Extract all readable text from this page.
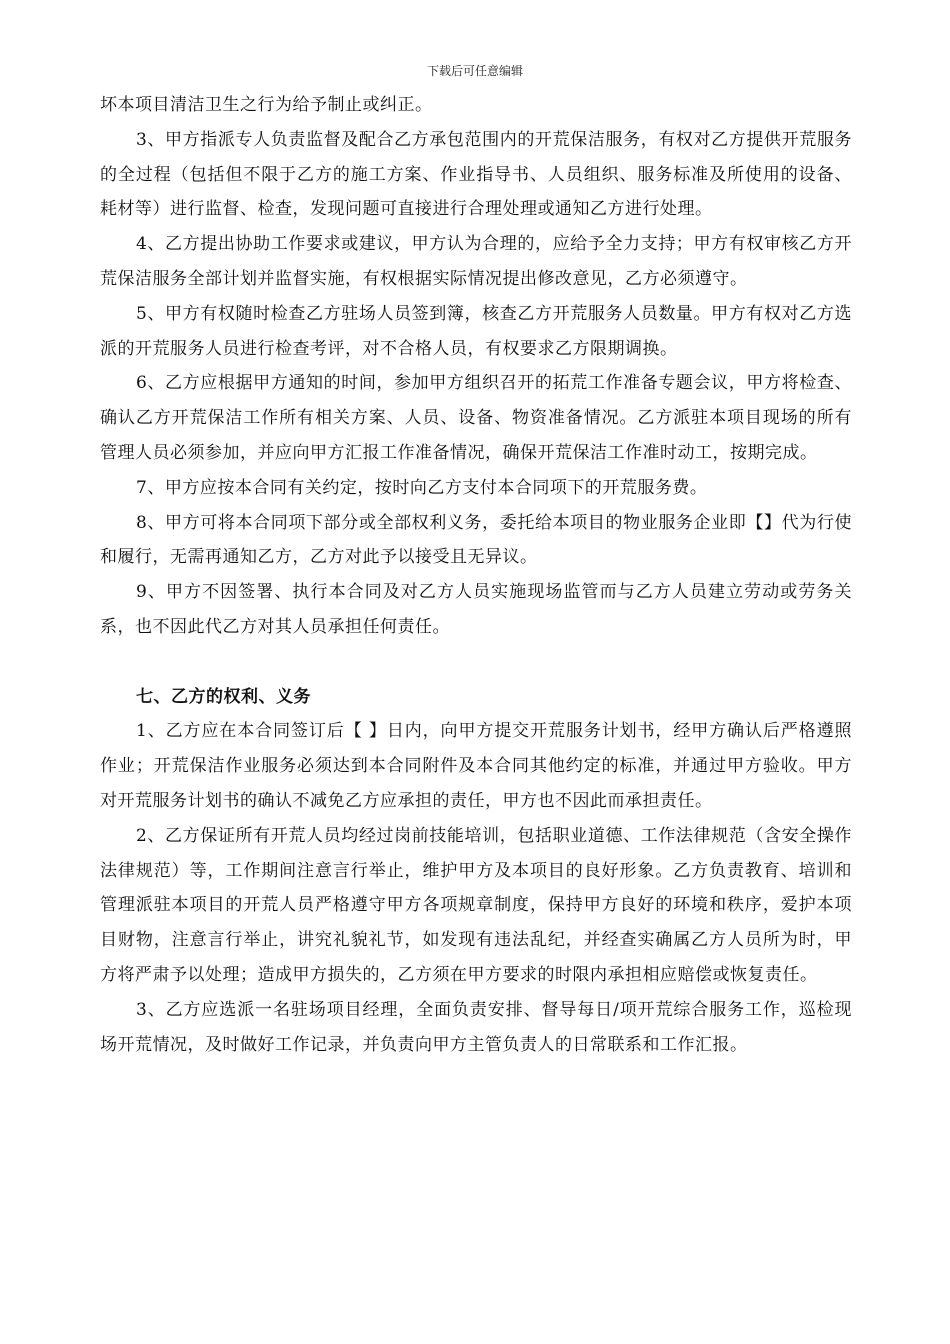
下载后可任意编辑

坏本项目清洁卫生之行为给予制止或纠正。

3、甲方指派专人负责监督及配合乙方承包范围内的开荒保洁服务，有权对乙方提供开荒服务的全过程（包括但不限于乙方的施工方案、作业指导书、人员组织、服务标准及所使用的设备、耗材等）进行监督、检查，发现问题可直接进行合理处理或通知乙方进行处理。

4、乙方提出协助工作要求或建议，甲方认为合理的，应给予全力支持；甲方有权审核乙方开荒保洁服务全部计划并监督实施，有权根据实际情况提出修改意见，乙方必须遵守。

5、甲方有权随时检查乙方驻场人员签到簿，核查乙方开荒服务人员数量。甲方有权对乙方选派的开荒服务人员进行检查考评，对不合格人员，有权要求乙方限期调换。

6、乙方应根据甲方通知的时间，参加甲方组织召开的拓荒工作准备专题会议，甲方将检查、确认乙方开荒保洁工作所有相关方案、人员、设备、物资准备情况。乙方派驻本项目现场的所有管理人员必须参加，并应向甲方汇报工作准备情况，确保开荒保洁工作准时动工，按期完成。

7、甲方应按本合同有关约定，按时向乙方支付本合同项下的开荒服务费。

8、甲方可将本合同项下部分或全部权利义务，委托给本项目的物业服务企业即【】代为行使和履行，无需再通知乙方，乙方对此予以接受且无异议。

9、甲方不因签署、执行本合同及对乙方人员实施现场监管而与乙方人员建立劳动或劳务关系，也不因此代乙方对其人员承担任何责任。

七、乙方的权利、义务

1、乙方应在本合同签订后【 】日内，向甲方提交开荒服务计划书，经甲方确认后严格遵照作业；开荒保洁作业服务必须达到本合同附件及本合同其他约定的标准，并通过甲方验收。甲方对开荒服务计划书的确认不减免乙方应承担的责任，甲方也不因此而承担责任。

2、乙方保证所有开荒人员均经过岗前技能培训，包括职业道德、工作法律规范（含安全操作法律规范）等，工作期间注意言行举止，维护甲方及本项目的良好形象。乙方负责教育、培训和管理派驻本项目的开荒人员严格遵守甲方各项规章制度，保持甲方良好的环境和秩序，爱护本项目财物，注意言行举止，讲究礼貌礼节，如发现有违法乱纪，并经查实确属乙方人员所为时，甲方将严肃予以处理；造成甲方损失的，乙方须在甲方要求的时限内承担相应赔偿或恢复责任。

3、乙方应选派一名驻场项目经理，全面负责安排、督导每日/项开荒综合服务工作，巡检现场开荒情况，及时做好工作记录，并负责向甲方主管负责人的日常联系和工作汇报。
